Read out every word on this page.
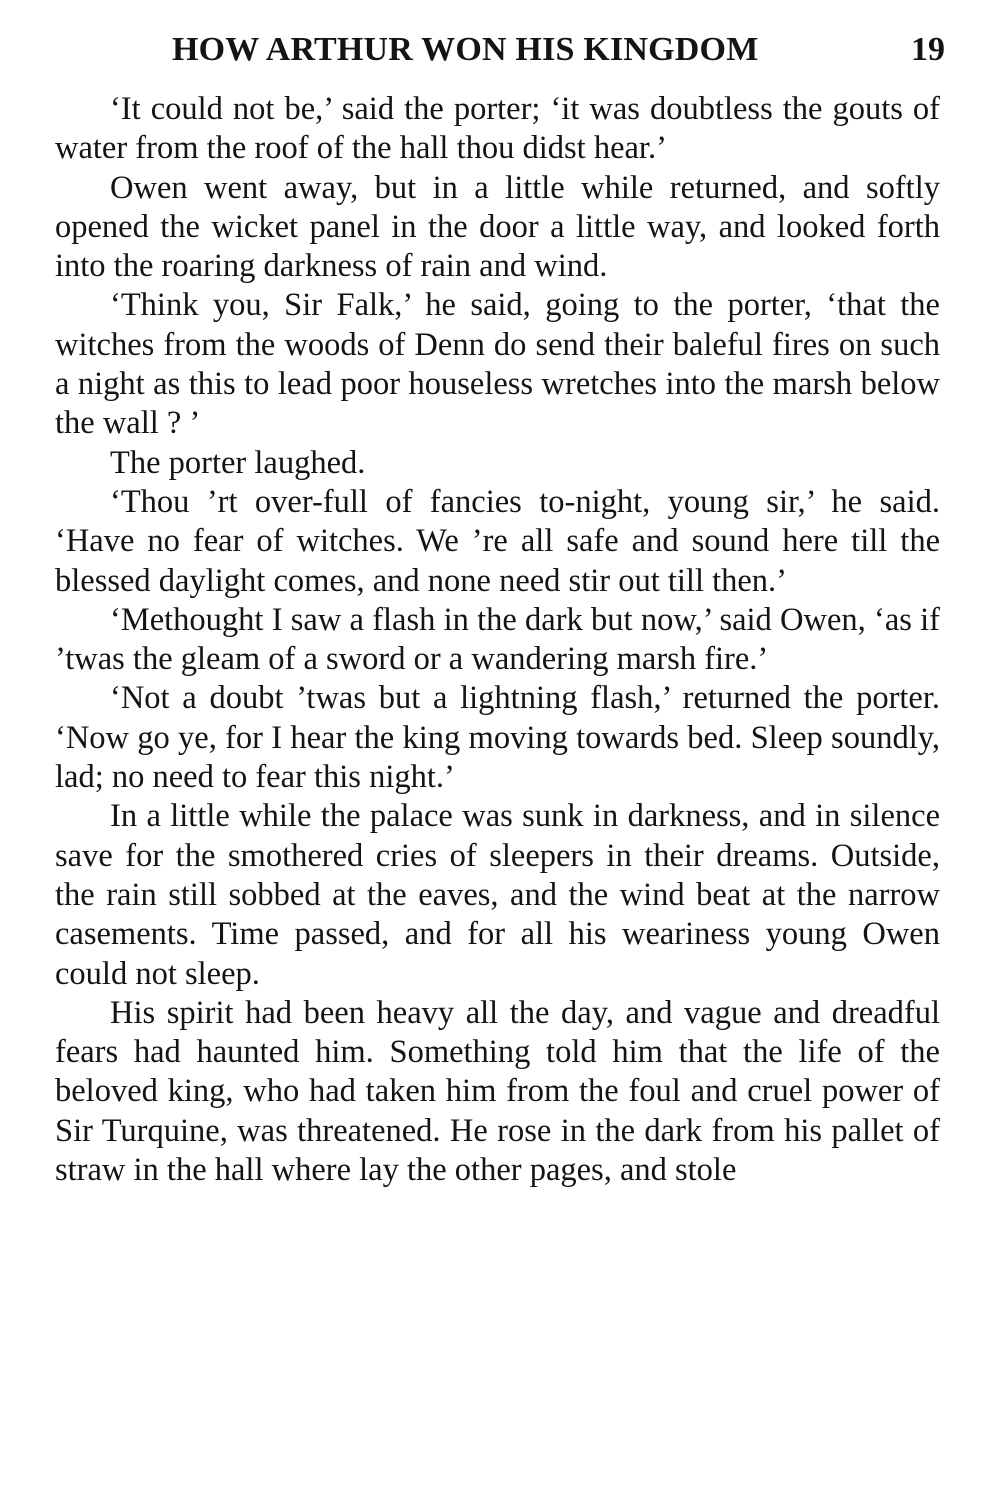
HOW ARTHUR WON HIS KINGDOM	19

‘It could not be,’ said the porter; ‘it was doubtless the gouts of water from the roof of the hall thou didst hear.’

Owen went away, but in a little while returned, and softly opened the wicket panel in the door a little way, and looked forth into the roaring darkness of rain and wind.

‘Think you, Sir Falk,’ he said, going to the porter, ‘that the witches from the woods of Denn do send their baleful fires on such a night as this to lead poor houseless wretches into the marsh below the wall ? ’

The porter laughed.

‘Thou ’rt over-full of fancies to-night, young sir,’ he said. ‘Have no fear of witches. We ’re all safe and sound here till the blessed daylight comes, and none need stir out till then.’

‘Methought I saw a flash in the dark but now,’ said Owen, ‘as if ’twas the gleam of a sword or a wandering marsh fire.’

‘Not a doubt ’twas but a lightning flash,’ returned the porter. ‘Now go ye, for I hear the king moving towards bed. Sleep soundly, lad; no need to fear this night.’

In a little while the palace was sunk in darkness, and in silence save for the smothered cries of sleepers in their dreams. Outside, the rain still sobbed at the eaves, and the wind beat at the narrow casements. Time passed, and for all his weariness young Owen could not sleep.

His spirit had been heavy all the day, and vague and dreadful fears had haunted him. Something told him that the life of the beloved king, who had taken him from the foul and cruel power of Sir Turquine, was threatened. He rose in the dark from his pallet of straw in the hall where lay the other pages, and stole
